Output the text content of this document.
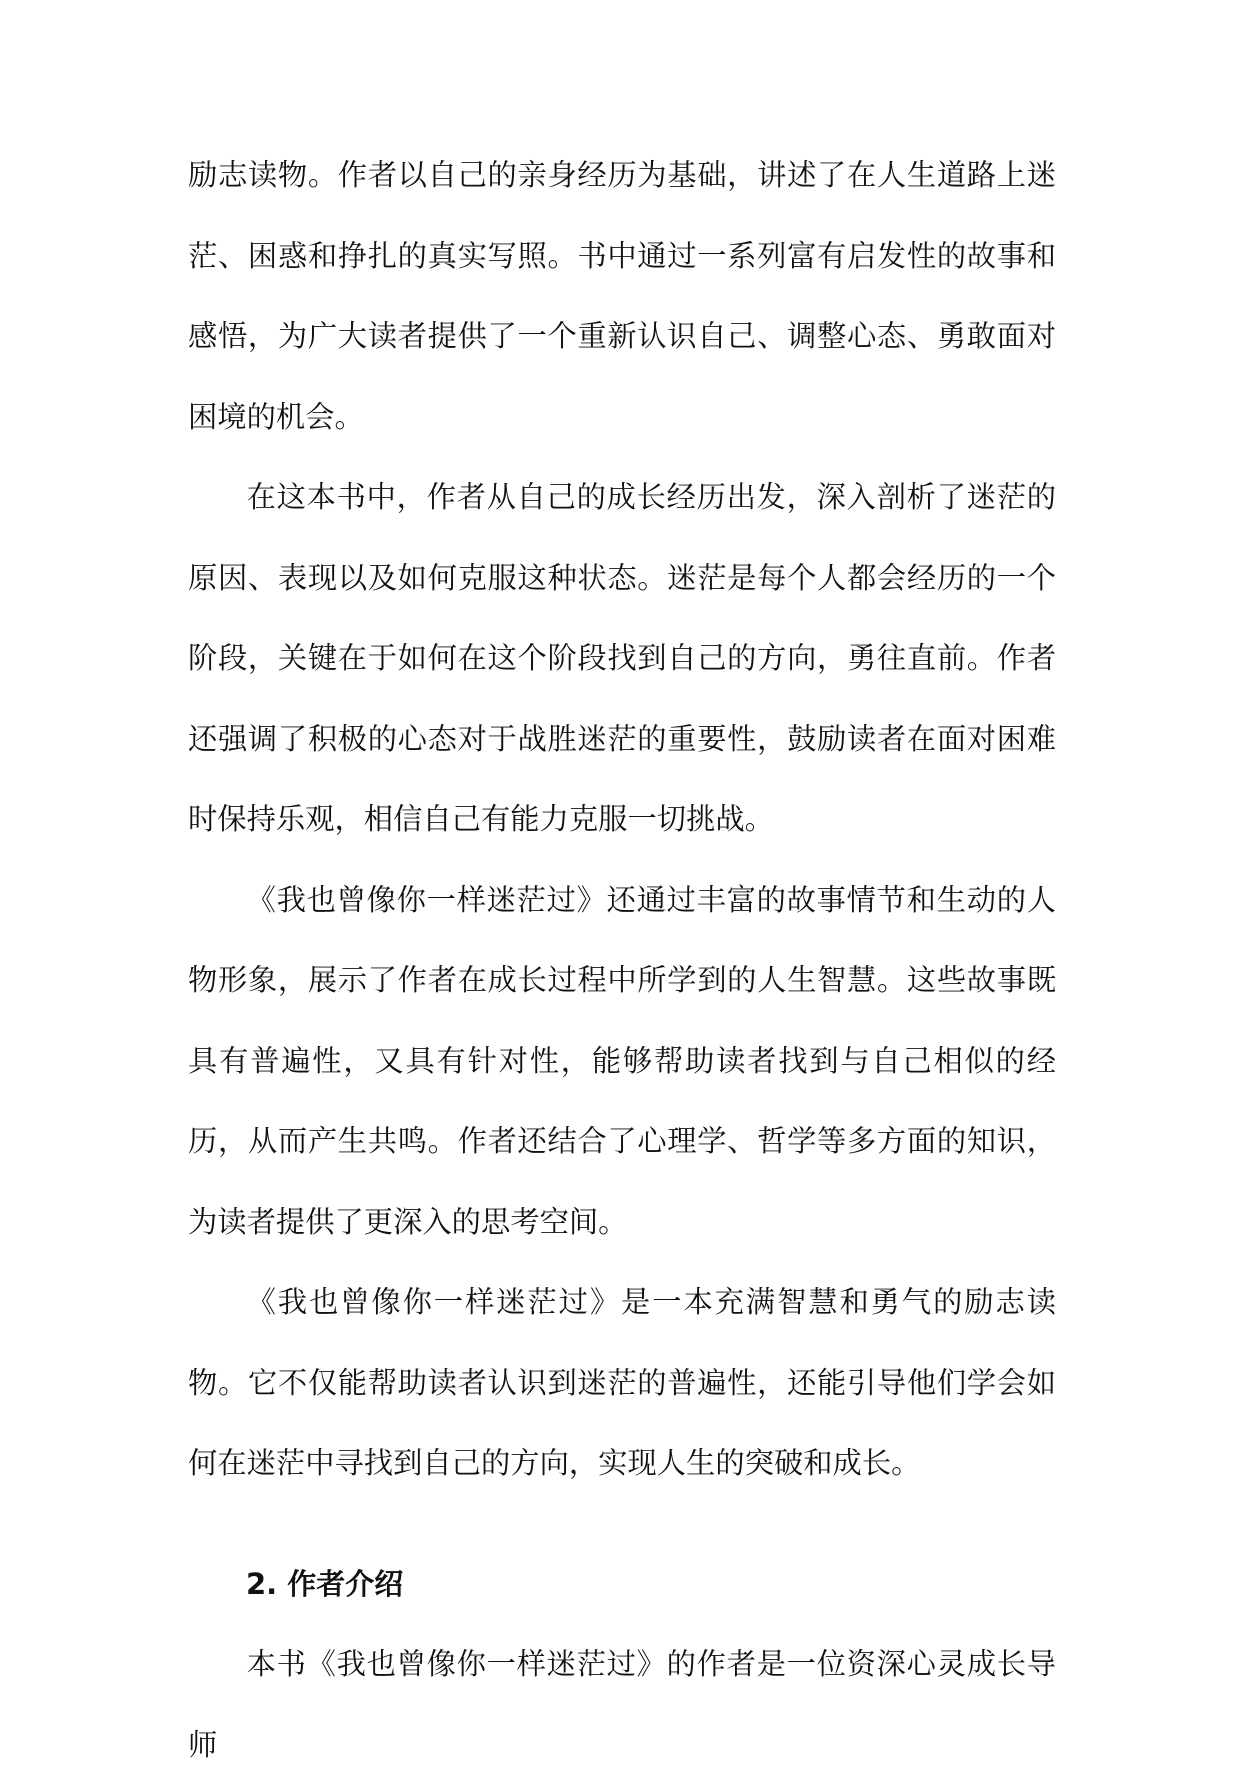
励志读物。作者以自己的亲身经历为基础，讲述了在人生道路上迷茫、困惑和挣扎的真实写照。书中通过一系列富有启发性的故事和感悟，为广大读者提供了一个重新认识自己、调整心态、勇敢面对困境的机会。

在这本书中，作者从自己的成长经历出发，深入剖析了迷茫的原因、表现以及如何克服这种状态。迷茫是每个人都会经历的一个阶段，关键在于如何在这个阶段找到自己的方向，勇往直前。作者还强调了积极的心态对于战胜迷茫的重要性，鼓励读者在面对困难时保持乐观，相信自己有能力克服一切挑战。

《我也曾像你一样迷茫过》还通过丰富的故事情节和生动的人物形象，展示了作者在成长过程中所学到的人生智慧。这些故事既具有普遍性，又具有针对性，能够帮助读者找到与自己相似的经历，从而产生共鸣。作者还结合了心理学、哲学等多方面的知识，为读者提供了更深入的思考空间。

《我也曾像你一样迷茫过》是一本充满智慧和勇气的励志读物。它不仅能帮助读者认识到迷茫的普遍性，还能引导他们学会如何在迷茫中寻找到自己的方向，实现人生的突破和成长。

2. 作者介绍

本书《我也曾像你一样迷茫过》的作者是一位资深心灵成长导师
